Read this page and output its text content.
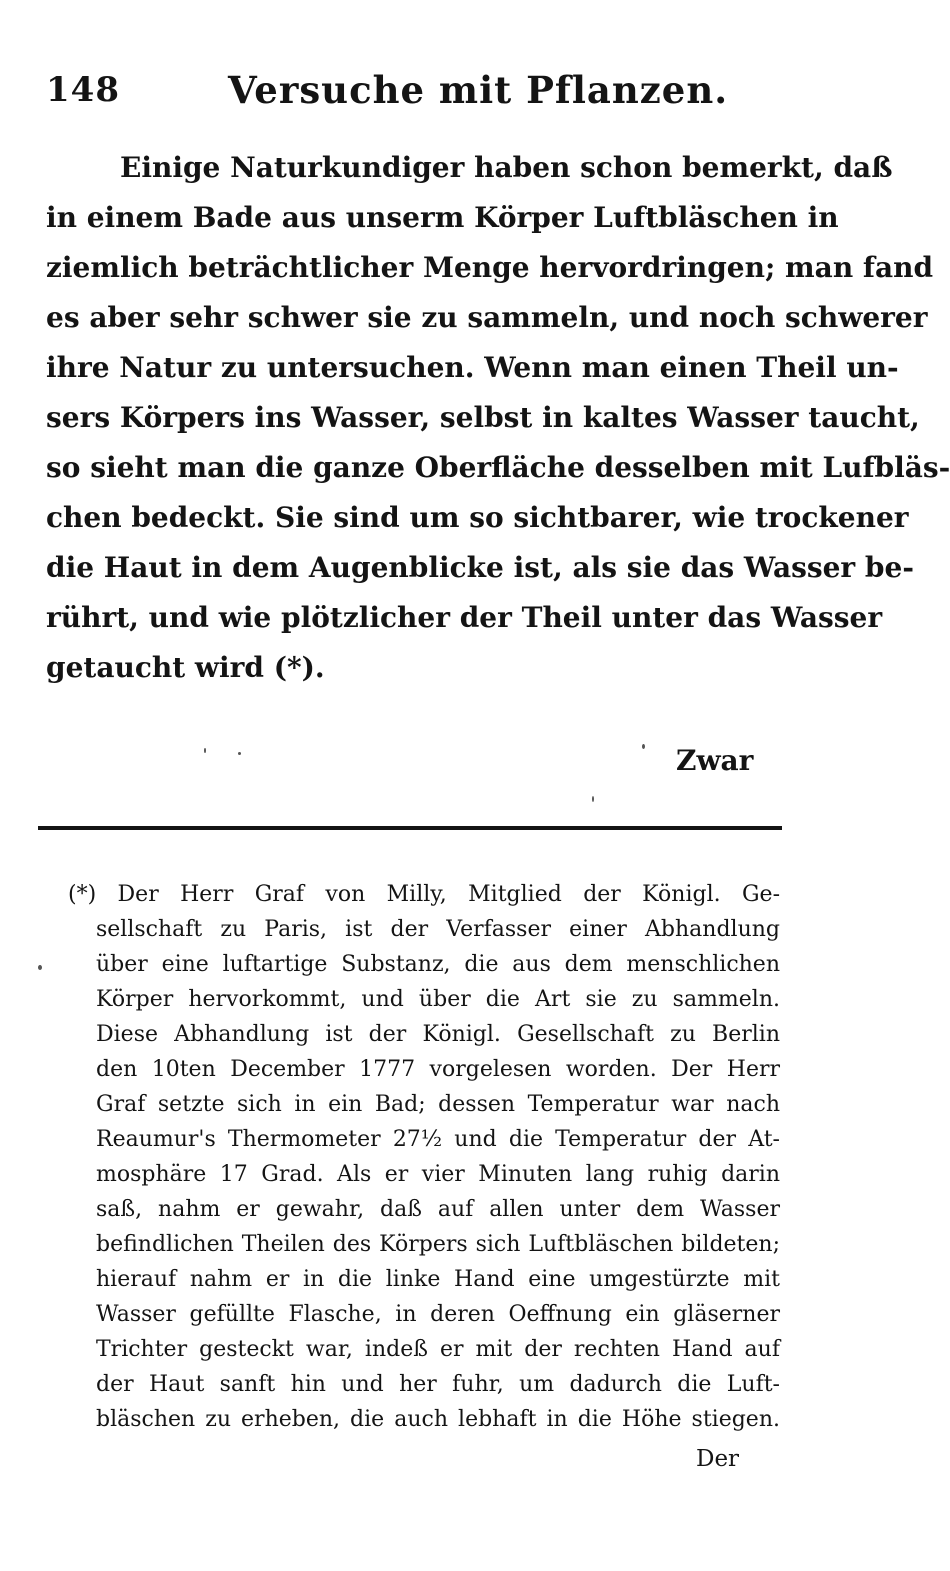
148	Versuche mit Pflanzen.
Einige Naturkundiger haben schon bemerkt, daß
in einem Bade aus unserm Körper Luftbläschen in
ziemlich beträchtlicher Menge hervordringen; man fand
es aber sehr schwer sie zu sammeln, und noch schwerer
ihre Natur zu untersuchen. Wenn man einen Theil un-
sers Körpers ins Wasser, selbst in kaltes Wasser taucht,
so sieht man die ganze Oberfläche desselben mit Lufbläs-
chen bedeckt. Sie sind um so sichtbarer, wie trockener
die Haut in dem Augenblicke ist, als sie das Wasser be-
rührt, und wie plötzlicher der Theil unter das Wasser
getaucht wird (*).
Zwar
(*) Der Herr Graf von Milly, Mitglied der Königl. Ge-
sellschaft zu Paris, ist der Verfasser einer Abhandlung
über eine luftartige Substanz, die aus dem menschlichen
Körper hervorkommt, und über die Art sie zu sammeln.
Diese Abhandlung ist der Königl. Gesellschaft zu Berlin
den 10ten December 1777 vorgelesen worden. Der Herr
Graf setzte sich in ein Bad; dessen Temperatur war nach
Reaumur's Thermometer 27½ und die Temperatur der At-
mosphäre 17 Grad. Als er vier Minuten lang ruhig darin
saß, nahm er gewahr, daß auf allen unter dem Wasser
befindlichen Theilen des Körpers sich Luftbläschen bildeten;
hierauf nahm er in die linke Hand eine umgestürzte mit
Wasser gefüllte Flasche, in deren Oeffnung ein gläserner
Trichter gesteckt war, indeß er mit der rechten Hand auf
der Haut sanft hin und her fuhr, um dadurch die Luft-
bläschen zu erheben, die auch lebhaft in die Höhe stiegen.
Der
